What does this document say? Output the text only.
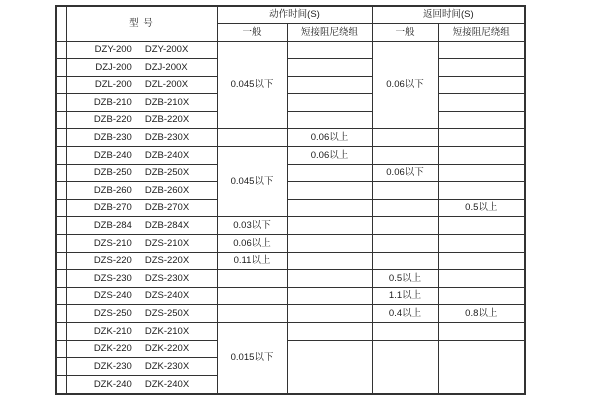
	型 号	动作时间(S)		返回时间(S)	
		一般	短接阻尼绕组	一般	短接阻尼绕组
	DZY-200 DZY-200X	0.045以下		0.06以下	
	DZJ-200 DZJ-200X				
	DZL-200 DZL-200X				
	DZB-210 DZB-210X				
	DZB-220 DZB-220X				
	DZB-230 DZB-230X		0.06以上		
	DZB-240 DZB-240X	0.045以下	0.06以上		
	DZB-250 DZB-250X			0.06以下	
	DZB-260 DZB-260X				
	DZB-270 DZB-270X				0.5以上
	DZB-284 DZB-284X	0.03以下			
	DZS-210 DZS-210X	0.06以上			
	DZS-220 DZS-220X	0.11以上			
	DZS-230 DZS-230X			0.5以上	
	DZS-240 DZS-240X			1.1以上	
	DZS-250 DZS-250X			0.4以上	0.8以上
	DZK-210 DZK-210X	0.015以下			
	DZK-220 DZK-220X				
	DZK-230 DZK-230X				
	DZK-240 DZK-240X				
